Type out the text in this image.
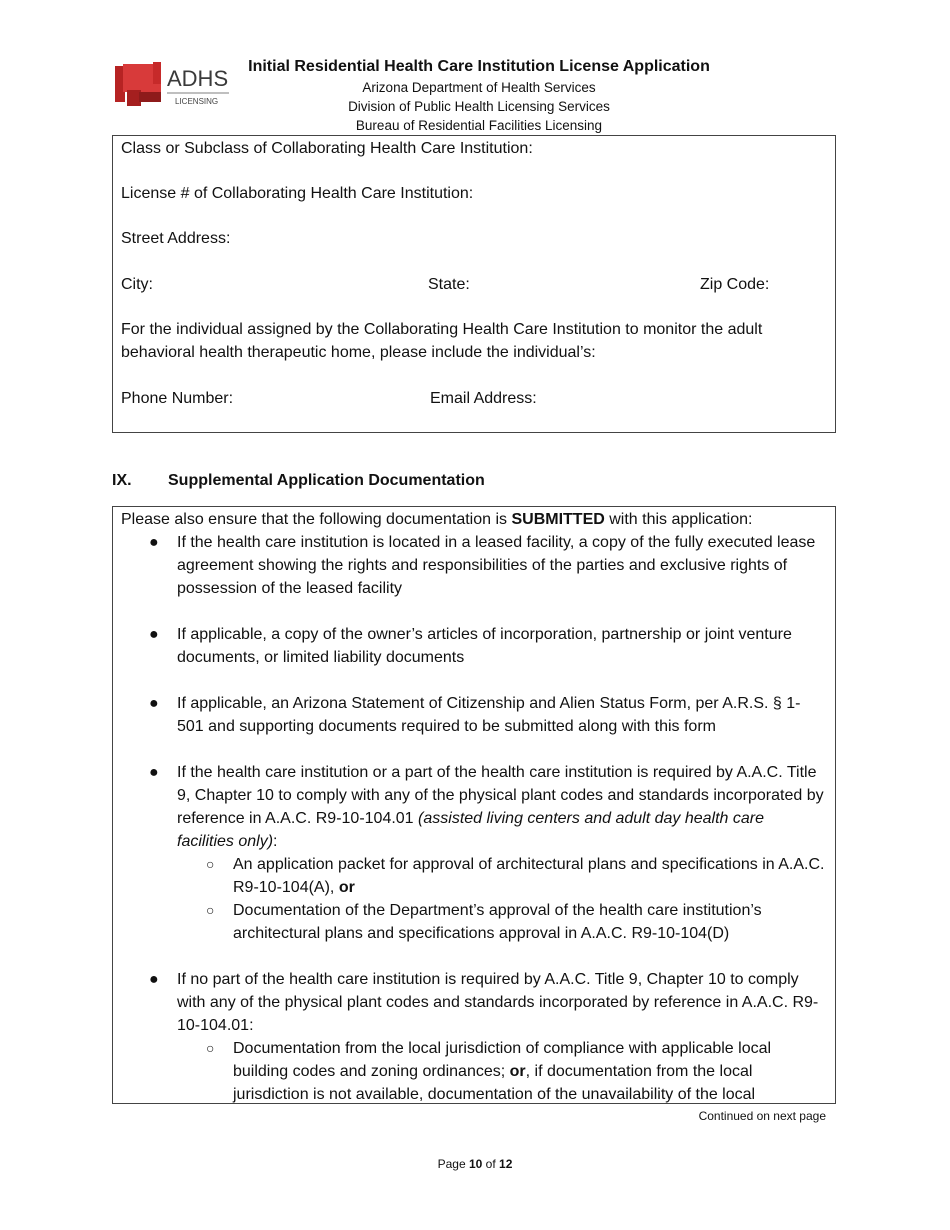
ADHS
LICENSING
Initial Residential Health Care Institution License Application
Arizona Department of Health Services
Division of Public Health Licensing Services
Bureau of Residential Facilities Licensing
Class or Subclass of Collaborating Health Care Institution:
License # of Collaborating Health Care Institution:
Street Address:
City:	State:	Zip Code:
For the individual assigned by the Collaborating Health Care Institution to monitor the adult behavioral health therapeutic home, please include the individual’s:
Phone Number:	Email Address:
IX. Supplemental Application Documentation
Please also ensure that the following documentation is SUBMITTED with this application:
● If the health care institution is located in a leased facility, a copy of the fully executed lease agreement showing the rights and responsibilities of the parties and exclusive rights of possession of the leased facility
● If applicable, a copy of the owner’s articles of incorporation, partnership or joint venture documents, or limited liability documents
● If applicable, an Arizona Statement of Citizenship and Alien Status Form, per A.R.S. § 1-501 and supporting documents required to be submitted along with this form
● If the health care institution or a part of the health care institution is required by A.A.C. Title 9, Chapter 10 to comply with any of the physical plant codes and standards incorporated by reference in A.A.C. R9-10-104.01 (assisted living centers and adult day health care facilities only):
○ An application packet for approval of architectural plans and specifications in A.A.C. R9-10-104(A), or
○ Documentation of the Department’s approval of the health care institution’s architectural plans and specifications approval in A.A.C. R9-10-104(D)
● If no part of the health care institution is required by A.A.C. Title 9, Chapter 10 to comply with any of the physical plant codes and standards incorporated by reference in A.A.C. R9-10-104.01:
○ Documentation from the local jurisdiction of compliance with applicable local building codes and zoning ordinances; or, if documentation from the local jurisdiction is not available, documentation of the unavailability of the local
Continued on next page
Page 10 of 12
